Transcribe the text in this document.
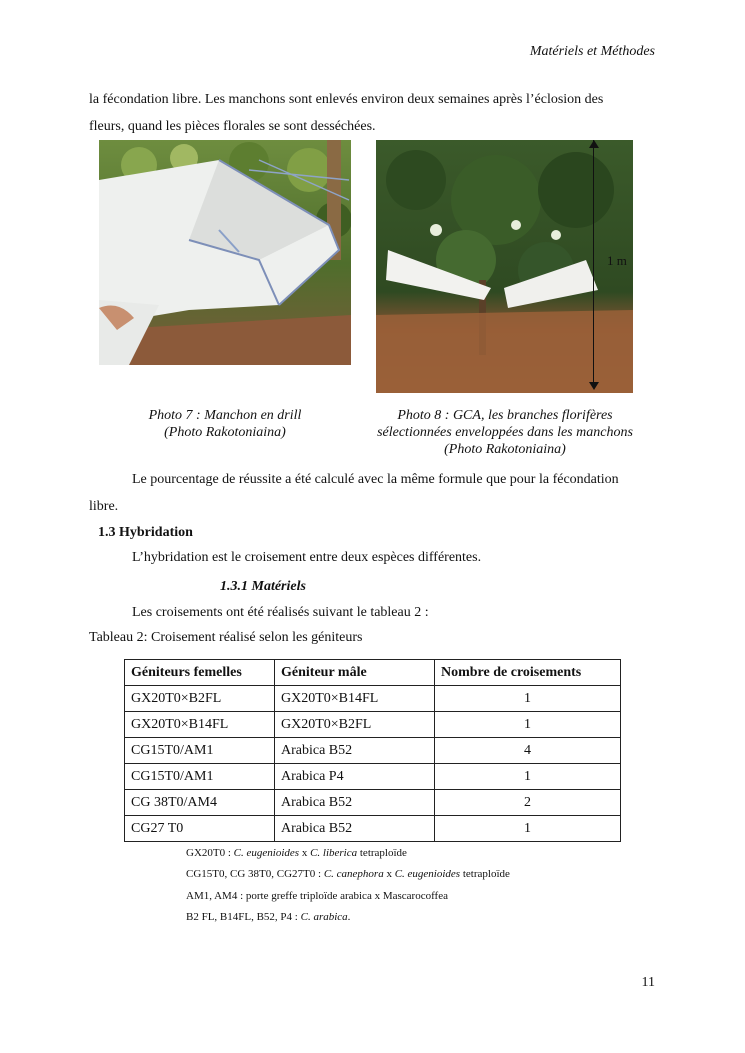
Matériels et Méthodes
la fécondation libre. Les manchons sont enlevés environ deux semaines après l’éclosion des
fleurs, quand les pièces florales se sont desséchées.
1 m
Photo 7 : Manchon en drill
(Photo Rakotoniaina)
Photo 8 : GCA, les branches florifères
sélectionnées enveloppées dans les manchons
(Photo Rakotoniaina)
Le pourcentage de réussite a été calculé avec la même formule que pour la fécondation
libre.
1.3 Hybridation
L’hybridation est le croisement entre deux espèces différentes.
1.3.1 Matériels
Les croisements ont été réalisés suivant le tableau 2 :
Tableau 2: Croisement réalisé selon les géniteurs
Géniteurs femelles	Géniteur mâle	Nombre de croisements
GX20T0×B2FL	GX20T0×B14FL	1
GX20T0×B14FL	GX20T0×B2FL	1
CG15T0/AM1	Arabica B52	4
CG15T0/AM1	Arabica P4	1
CG 38T0/AM4	Arabica B52	2
CG27 T0	Arabica B52	1
GX20T0 : C. eugenioides x C. liberica tetraploïde
CG15T0, CG 38T0, CG27T0 : C. canephora x C. eugenioides tetraploïde
AM1, AM4 : porte greffe triploïde arabica x Mascarocoffea
B2 FL, B14FL, B52, P4 : C. arabica.
11
